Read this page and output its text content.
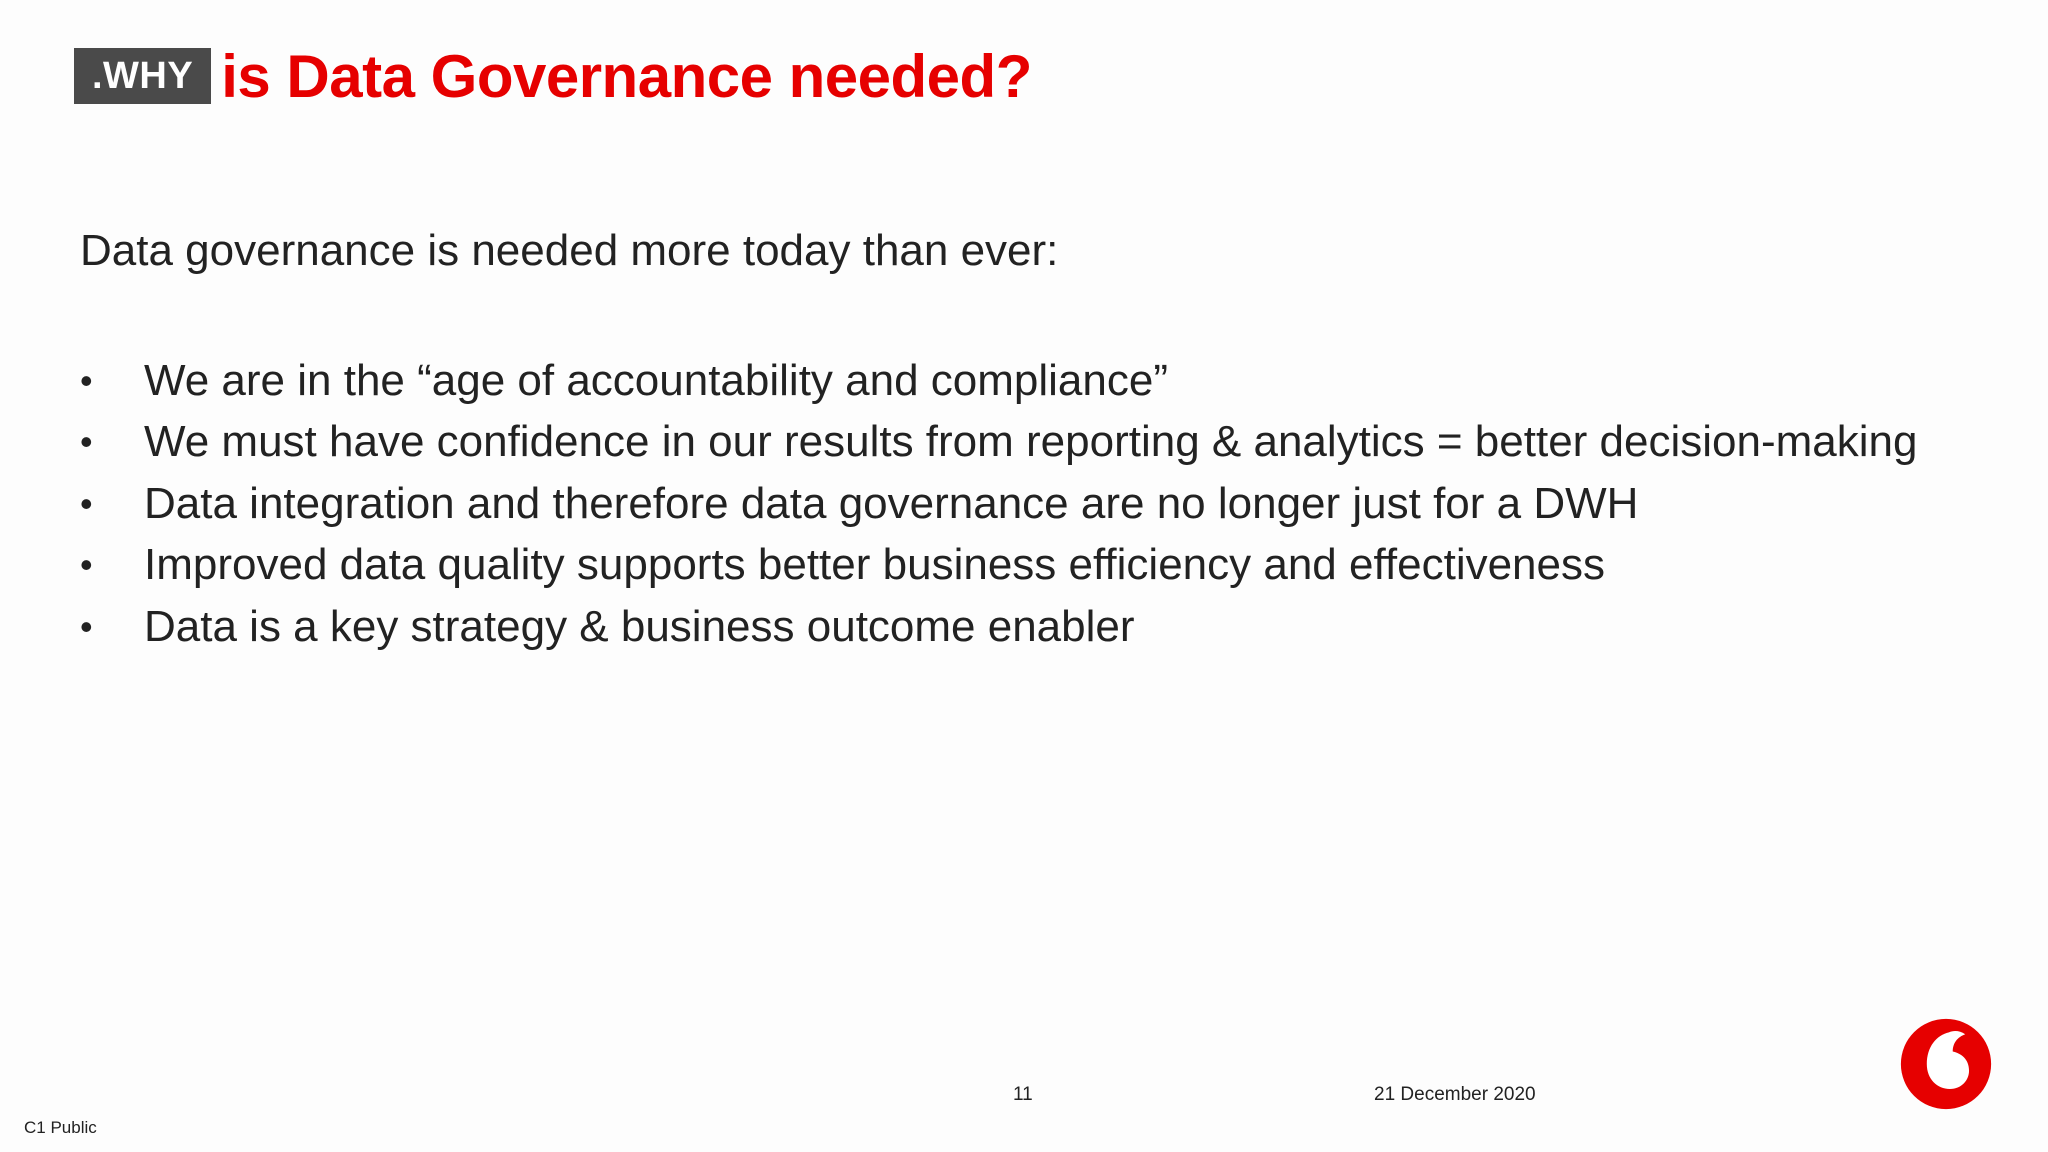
.WHY is Data Governance needed?
Data governance is needed more today than ever:
•	We are in the “age of accountability and compliance”
•	We must have confidence in our results from reporting & analytics = better decision-making
•	Data integration and therefore data governance are no longer just for a DWH
•	Improved data quality supports better business efficiency and effectiveness
•	Data is a key strategy & business outcome enabler
11	21 December 2020
C1 Public
